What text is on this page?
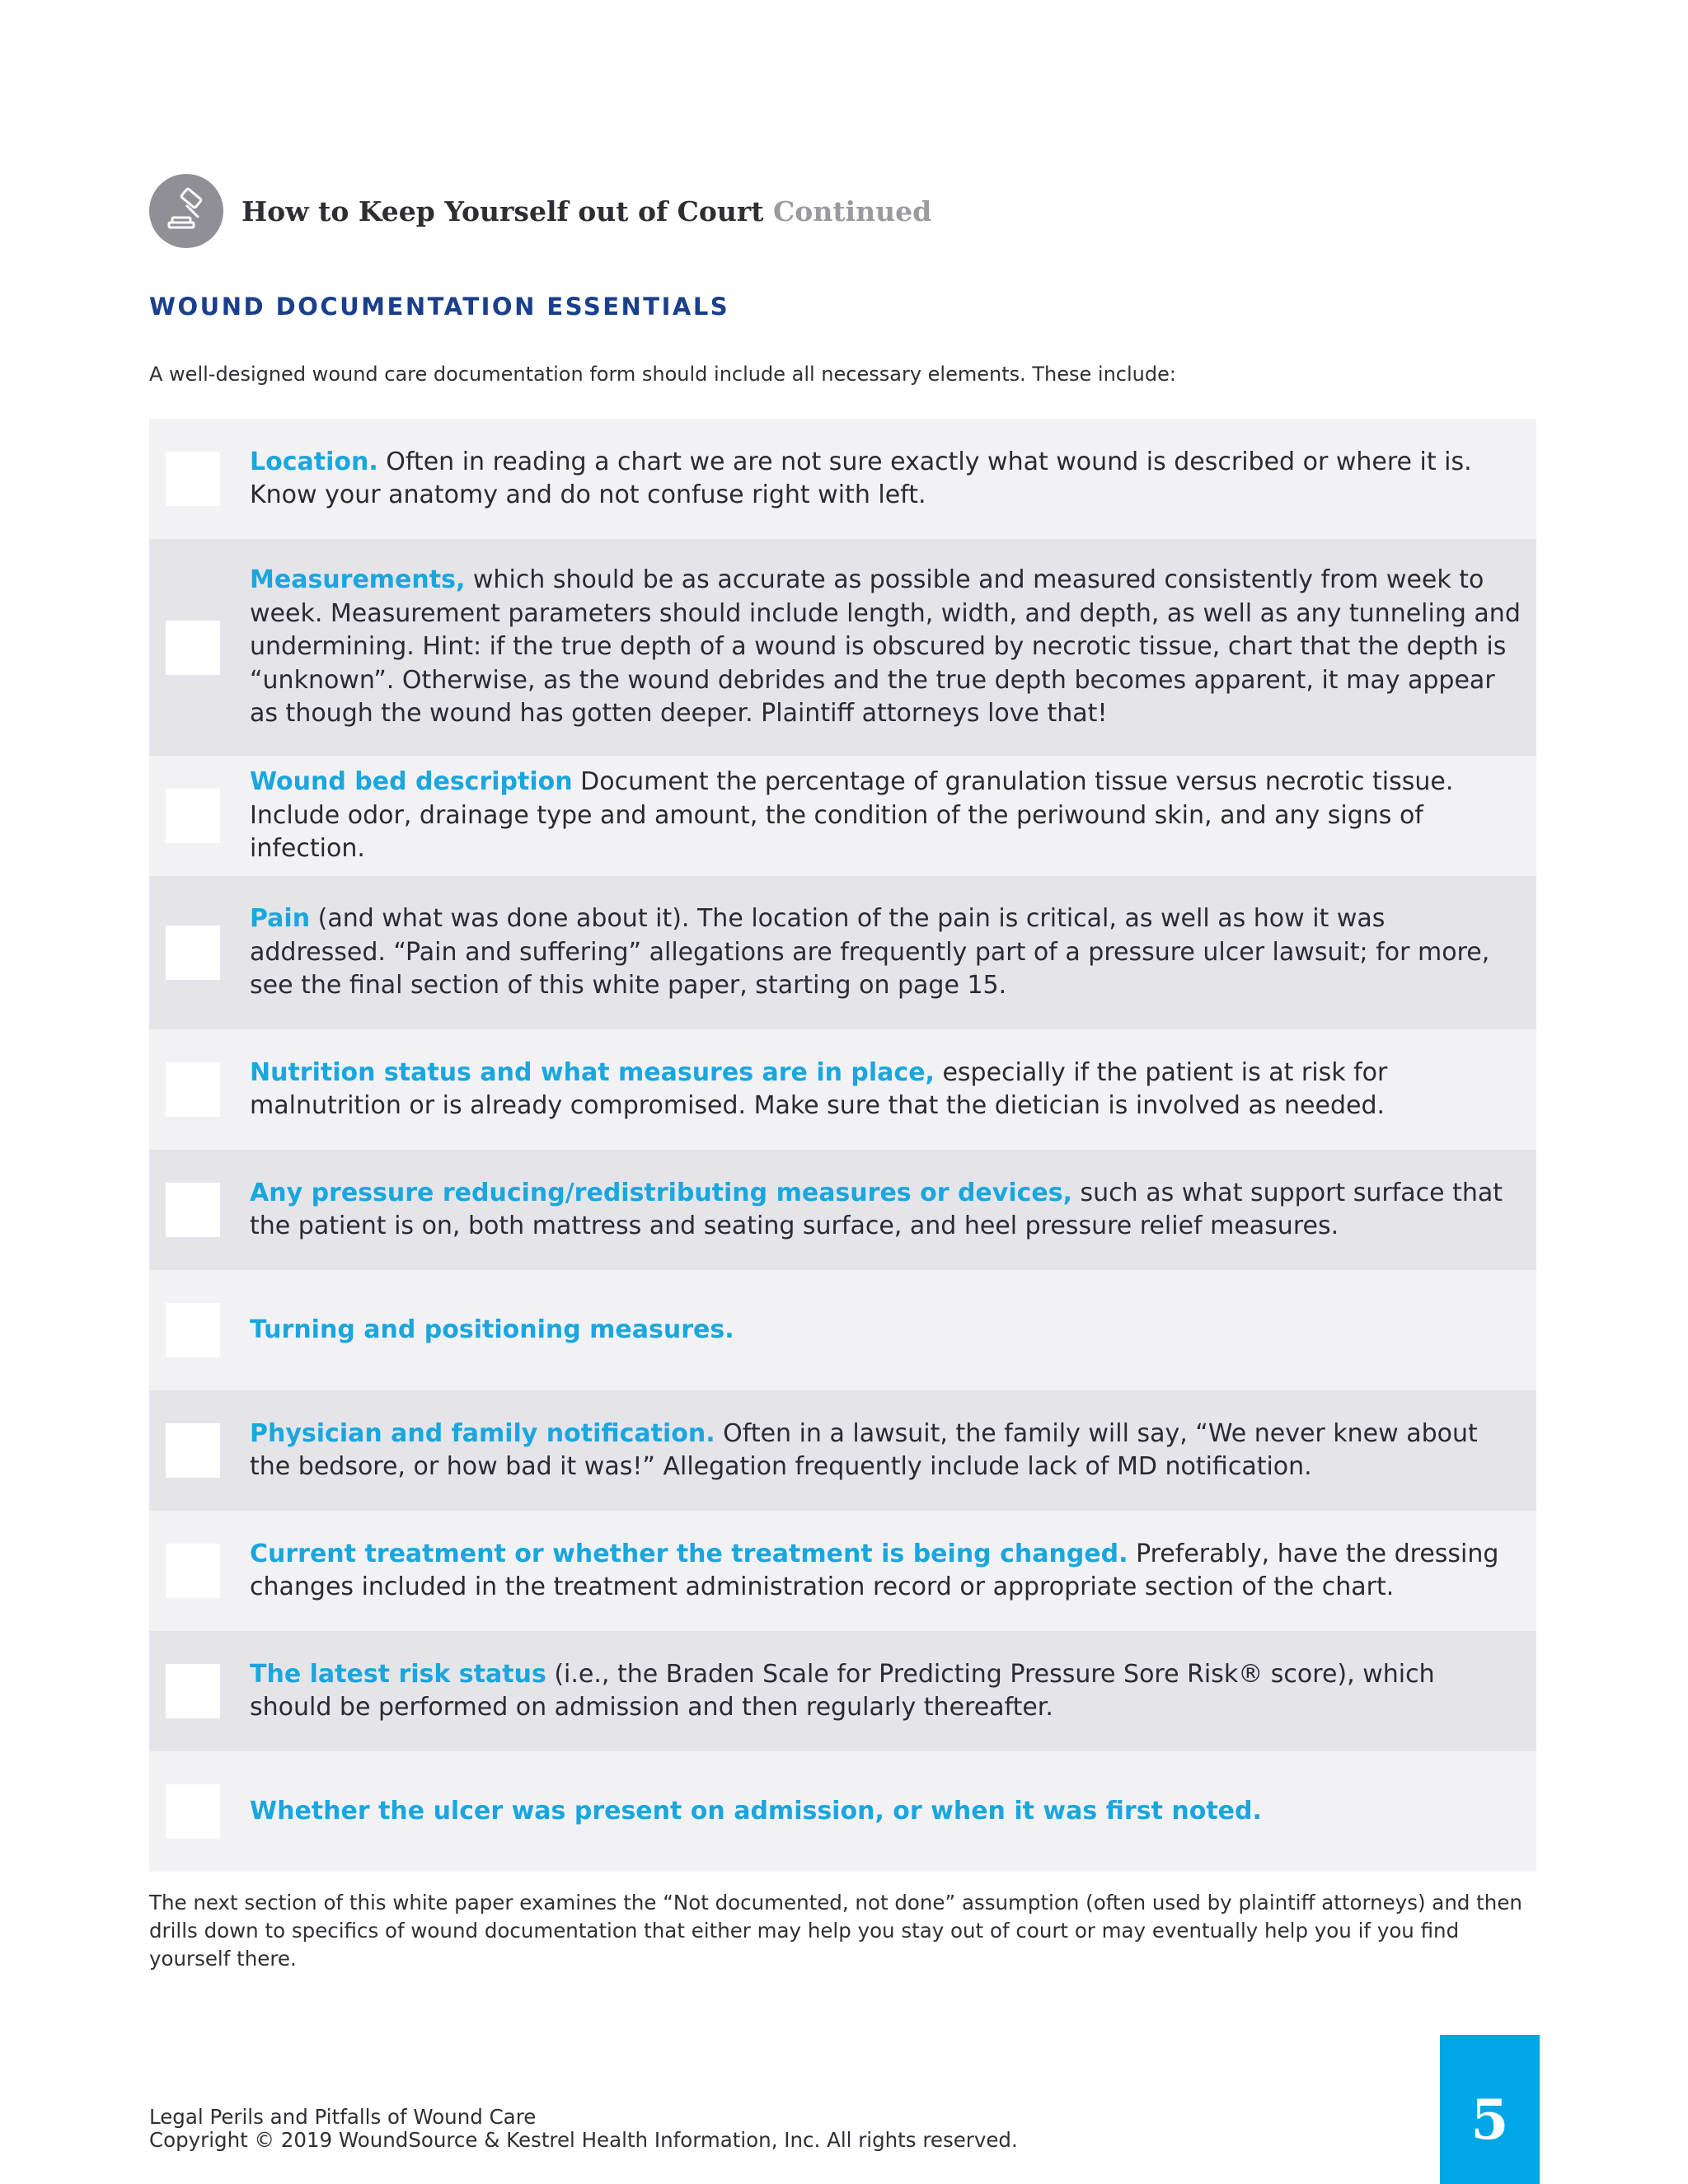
How to Keep Yourself out of Court Continued
WOUND DOCUMENTATION ESSENTIALS
A well-designed wound care documentation form should include all necessary elements. These include:
Location. Often in reading a chart we are not sure exactly what wound is described or where it is. Know your anatomy and do not confuse right with left.
Measurements, which should be as accurate as possible and measured consistently from week to week. Measurement parameters should include length, width, and depth, as well as any tunneling and undermining. Hint: if the true depth of a wound is obscured by necrotic tissue, chart that the depth is “unknown”. Otherwise, as the wound debrides and the true depth becomes apparent, it may appear as though the wound has gotten deeper. Plaintiff attorneys love that!
Wound bed description Document the percentage of granulation tissue versus necrotic tissue. Include odor, drainage type and amount, the condition of the periwound skin, and any signs of infection.
Pain (and what was done about it). The location of the pain is critical, as well as how it was addressed. “Pain and suffering” allegations are frequently part of a pressure ulcer lawsuit; for more, see the final section of this white paper, starting on page 15.
Nutrition status and what measures are in place, especially if the patient is at risk for malnutrition or is already compromised. Make sure that the dietician is involved as needed.
Any pressure reducing/redistributing measures or devices, such as what support surface that the patient is on, both mattress and seating surface, and heel pressure relief measures.
Turning and positioning measures.
Physician and family notification. Often in a lawsuit, the family will say, “We never knew about the bedsore, or how bad it was!” Allegation frequently include lack of MD notification.
Current treatment or whether the treatment is being changed. Preferably, have the dressing changes included in the treatment administration record or appropriate section of the chart.
The latest risk status (i.e., the Braden Scale for Predicting Pressure Sore Risk® score), which should be performed on admission and then regularly thereafter.
Whether the ulcer was present on admission, or when it was first noted.
The next section of this white paper examines the “Not documented, not done” assumption (often used by plaintiff attorneys) and then drills down to specifics of wound documentation that either may help you stay out of court or may eventually help you if you find yourself there.
Legal Perils and Pitfalls of Wound Care
Copyright © 2019 WoundSource & Kestrel Health Information, Inc. All rights reserved.	5
